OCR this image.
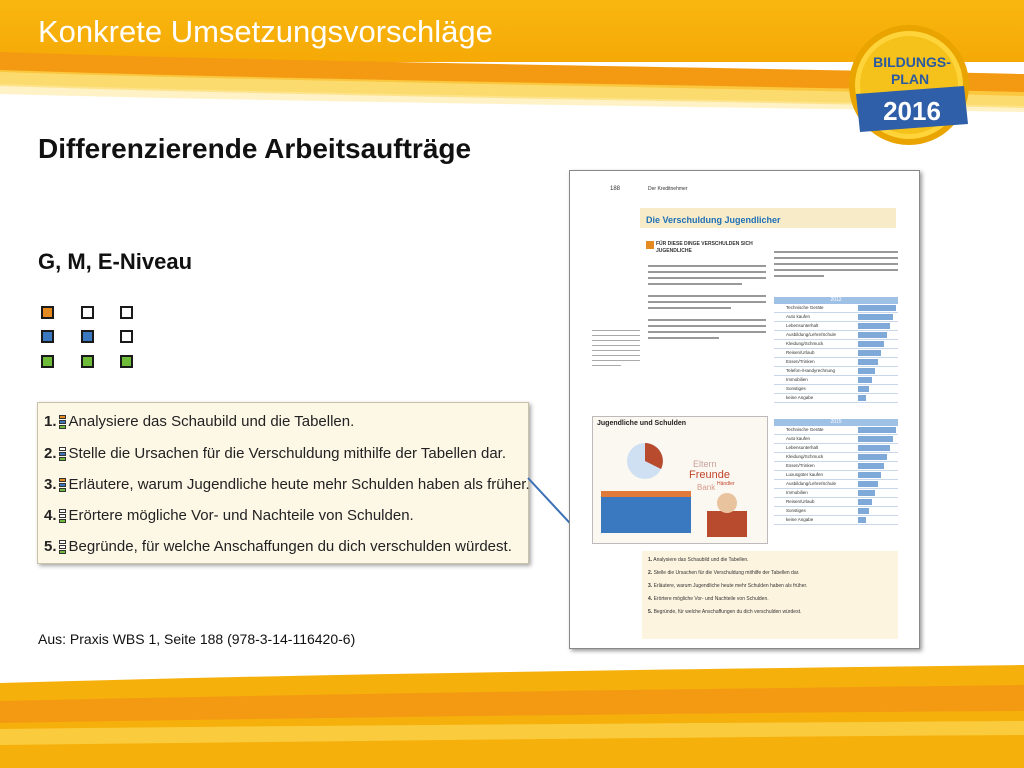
Konkrete Umsetzungsvorschläge
BILDUNGS-
PLAN
2016
Differenzierende Arbeitsaufträge
G, M, E-Niveau
1. Analysiere das Schaubild und die Tabellen.
2. Stelle die Ursachen für die Verschuldung mithilfe der Tabellen dar.
3. Erläutere, warum Jugendliche heute mehr Schulden haben als früher.
4. Erörtere mögliche Vor- und Nachteile von Schulden.
5. Begründe, für welche Anschaffungen du dich verschulden würdest.
188	Der Kreditnehmer
Die Verschuldung Jugendlicher
FÜR DIESE DINGE VERSCHULDEN SICH JUGENDLICHE
2012
Technische Geräte
Auto kaufen
Lebensunterhalt
Ausbildung/Lehre/Schule
Kleidung/Schmuck
Reisen/Urlaub
Essen/Trinken
Telefon-/Handyrechnung
Immobilien
Sonstiges
keine Angabe
2015
Technische Geräte
Auto kaufen
Lebensunterhalt
Kleidung/Schmuck
Essen/Trinken
Luxusgüter kaufen
Ausbildung/Lehre/Schule
Immobilien
Reisen/Urlaub
Sonstiges
keine Angabe
Jugendliche und Schulden
Eltern
Freunde
Bank Händler
1. Analysiere das Schaubild und die Tabellen.
2. Stelle die Ursachen für die Verschuldung mithilfe der Tabellen dar.
3. Erläutere, warum Jugendliche heute mehr Schulden haben als früher.
4. Erörtere mögliche Vor- und Nachteile von Schulden.
5. Begründe, für welche Anschaffungen du dich verschulden würdest.
Aus: Praxis WBS 1, Seite 188 (978-3-14-116420-6)
